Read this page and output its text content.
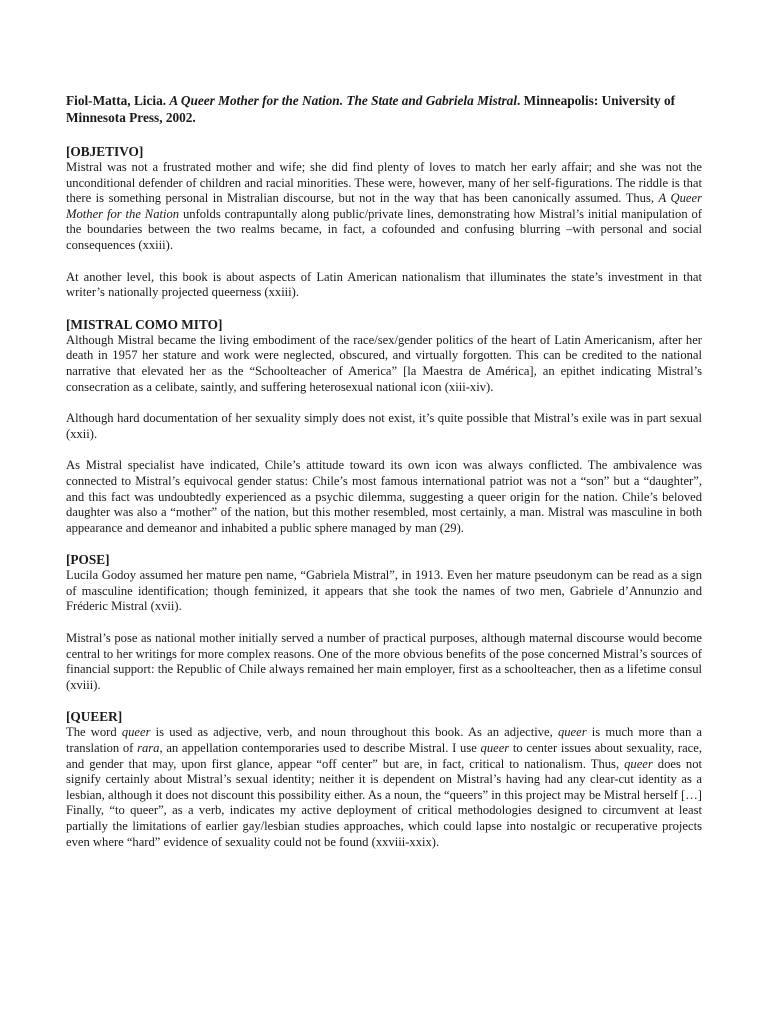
Fiol-Matta, Licia. A Queer Mother for the Nation. The State and Gabriela Mistral. Minneapolis: University of Minnesota Press, 2002.

[OBJETIVO]

Mistral was not a frustrated mother and wife; she did find plenty of loves to match her early affair; and she was not the unconditional defender of children and racial minorities. These were, however, many of her self-figurations. The riddle is that there is something personal in Mistralian discourse, but not in the way that has been canonically assumed. Thus, A Queer Mother for the Nation unfolds contrapuntally along public/private lines, demonstrating how Mistral’s initial manipulation of the boundaries between the two realms became, in fact, a cofounded and confusing blurring –with personal and social consequences (xxiii).

At another level, this book is about aspects of Latin American nationalism that illuminates the state’s investment in that writer’s nationally projected queerness (xxiii).

[MISTRAL COMO MITO]

Although Mistral became the living embodiment of the race/sex/gender politics of the heart of Latin Americanism, after her death in 1957 her stature and work were neglected, obscured, and virtually forgotten. This can be credited to the national narrative that elevated her as the “Schoolteacher of America” [la Maestra de América], an epithet indicating Mistral’s consecration as a celibate, saintly, and suffering heterosexual national icon (xiii-xiv).

Although hard documentation of her sexuality simply does not exist, it’s quite possible that Mistral’s exile was in part sexual (xxii).

As Mistral specialist have indicated, Chile’s attitude toward its own icon was always conflicted. The ambivalence was connected to Mistral’s equivocal gender status: Chile’s most famous international patriot was not a “son” but a “daughter”, and this fact was undoubtedly experienced as a psychic dilemma, suggesting a queer origin for the nation. Chile’s beloved daughter was also a “mother” of the nation, but this mother resembled, most certainly, a man. Mistral was masculine in both appearance and demeanor and inhabited a public sphere managed by man (29).

[POSE]

Lucila Godoy assumed her mature pen name, “Gabriela Mistral”, in 1913. Even her mature pseudonym can be read as a sign of masculine identification; though feminized, it appears that she took the names of two men, Gabriele d’Annunzio and Fréderic Mistral (xvii).

Mistral’s pose as national mother initially served a number of practical purposes, although maternal discourse would become central to her writings for more complex reasons. One of the more obvious benefits of the pose concerned Mistral’s sources of financial support: the Republic of Chile always remained her main employer, first as a schoolteacher, then as a lifetime consul (xviii).

[QUEER]

The word queer is used as adjective, verb, and noun throughout this book. As an adjective, queer is much more than a translation of rara, an appellation contemporaries used to describe Mistral. I use queer to center issues about sexuality, race, and gender that may, upon first glance, appear “off center” but are, in fact, critical to nationalism. Thus, queer does not signify certainly about Mistral’s sexual identity; neither it is dependent on Mistral’s having had any clear-cut identity as a lesbian, although it does not discount this possibility either. As a noun, the “queers” in this project may be Mistral herself […] Finally, “to queer”, as a verb, indicates my active deployment of critical methodologies designed to circumvent at least partially the limitations of earlier gay/lesbian studies approaches, which could lapse into nostalgic or recuperative projects even where “hard” evidence of sexuality could not be found (xxviii-xxix).
